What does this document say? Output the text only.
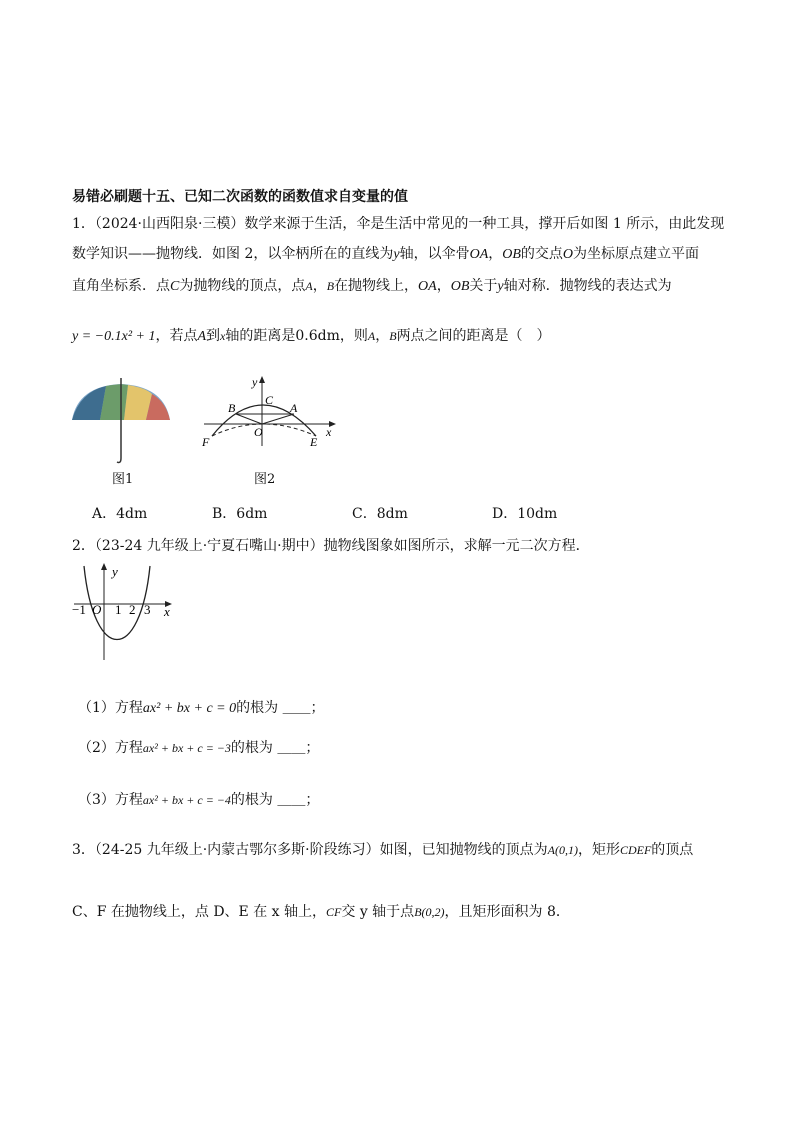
易错必刷题十五、已知二次函数的函数值求自变量的值
1．（2024·山西阳泉·三模）数学来源于生活，伞是生活中常见的一种工具，撑开后如图 1 所示，由此发现
数学知识——抛物线．如图 2，以伞柄所在的直线为y轴，以伞骨OA，OB的交点O为坐标原点建立平面
直角坐标系．点C为抛物线的顶点，点A，B在抛物线上，OA，OB关于y轴对称．抛物线的表达式为
y = −0.1x² + 1，若点A到x轴的距离是0.6dm，则A，B两点之间的距离是（　）
图1
y
x
B
C
A
F
O
E
图2
A．4dm	B．6dm	C．8dm	D．10dm
2．（23-24 九年级上·宁夏石嘴山·期中）抛物线图象如图所示，求解一元二次方程．
y
x
−1 O 1 2 3
（1）方程ax² + bx + c = 0的根为 ＿＿；
（2）方程ax² + bx + c = −3的根为 ＿＿；
（3）方程ax² + bx + c = −4的根为 ＿＿；
3．（24-25 九年级上·内蒙古鄂尔多斯·阶段练习）如图，已知抛物线的顶点为A(0,1)，矩形CDEF的顶点
C、F 在抛物线上，点 D、E 在 x 轴上，CF交 y 轴于点B(0,2)，且矩形面积为 8．
